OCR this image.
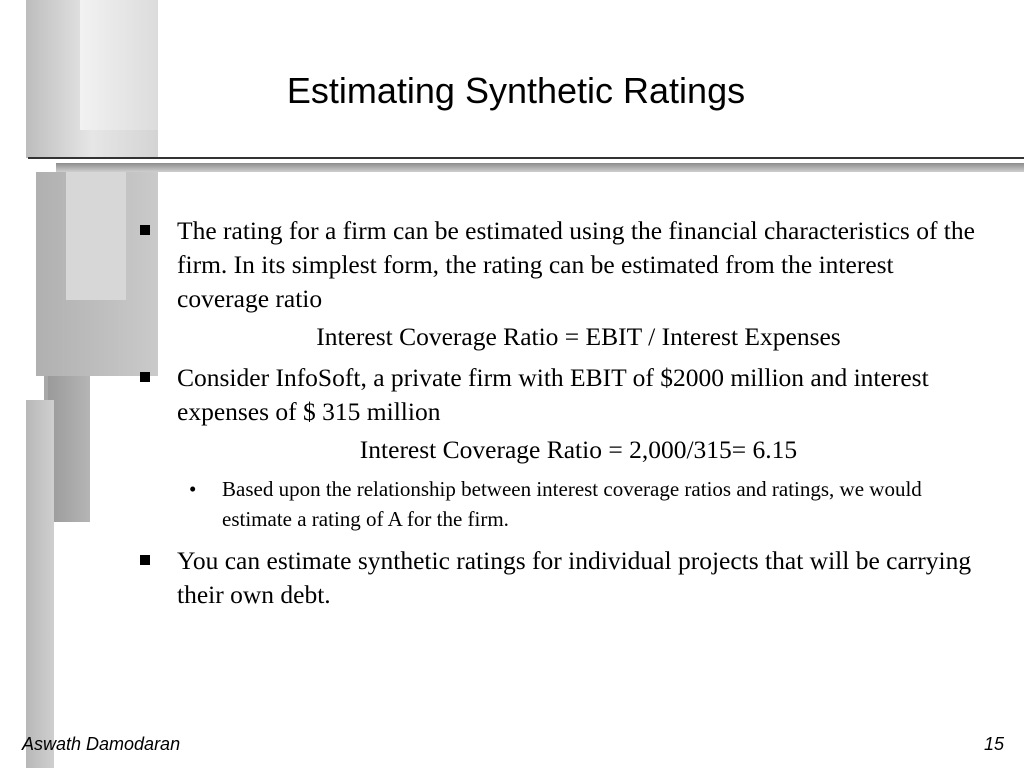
Estimating Synthetic Ratings
The rating for a firm can be estimated using the financial characteristics of the firm. In its simplest form, the rating can be estimated from the interest coverage ratio
Interest Coverage Ratio = EBIT / Interest Expenses
Consider InfoSoft, a private firm with EBIT of $2000 million and interest expenses of $ 315 million
Interest Coverage Ratio = 2,000/315= 6.15
• Based upon the relationship between interest coverage ratios and ratings, we would estimate a rating of A for the firm.
You can estimate synthetic ratings for individual projects that will be carrying their own debt.
Aswath Damodaran	15
